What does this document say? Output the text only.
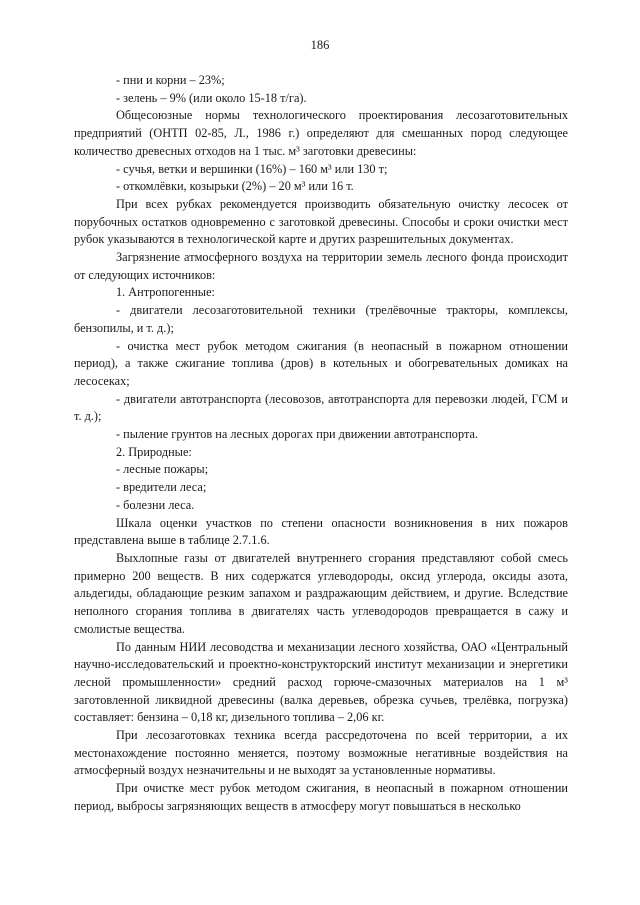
186

- пни и корни – 23%;

- зелень – 9% (или около 15-18 т/га).

Общесоюзные нормы технологического проектирования лесозаготовительных предприятий (ОНТП 02-85, Л., 1986 г.) определяют для смешанных пород следующее количество древесных отходов на 1 тыс. м³ заготовки древесины:

- сучья, ветки и вершинки (16%) – 160 м³ или 130 т;

- откомлёвки, козырьки (2%) – 20 м³ или 16 т.

При всех рубках рекомендуется производить обязательную очистку лесосек от порубочных остатков одновременно с заготовкой древесины. Способы и сроки очистки мест рубок указываются в технологической карте и других разрешительных документах.

Загрязнение атмосферного воздуха на территории земель лесного фонда происходит от следующих источников:

1. Антропогенные:

- двигатели лесозаготовительной техники (трелёвочные тракторы, комплексы, бензопилы, и т. д.);

- очистка мест рубок методом сжигания (в неопасный в пожарном отношении период), а также сжигание топлива (дров) в котельных и обогревательных домиках на лесосеках;

- двигатели автотранспорта (лесовозов, автотранспорта для перевозки людей, ГСМ и т. д.);

- пыление грунтов на лесных дорогах при движении автотранспорта.

2. Природные:

- лесные пожары;

- вредители леса;

- болезни леса.

Шкала оценки участков по степени опасности возникновения в них пожаров представлена выше в таблице 2.7.1.6.

Выхлопные газы от двигателей внутреннего сгорания представляют собой смесь примерно 200 веществ. В них содержатся углеводороды, оксид углерода, оксиды азота, альдегиды, обладающие резким запахом и раздражающим действием, и другие. Вследствие неполного сгорания топлива в двигателях часть углеводородов превращается в сажу и смолистые вещества.

По данным НИИ лесоводства и механизации лесного хозяйства, ОАО «Центральный научно-исследовательский и проектно-конструкторский институт механизации и энергетики лесной промышленности» средний расход горюче-смазочных материалов на 1 м³ заготовленной ликвидной древесины (валка деревьев, обрезка сучьев, трелёвка, погрузка) составляет: бензина – 0,18 кг, дизельного топлива – 2,06 кг.

При лесозаготовках техника всегда рассредоточена по всей территории, а их местонахождение постоянно меняется, поэтому возможные негативные воздействия на атмосферный воздух незначительны и не выходят за установленные нормативы.

При очистке мест рубок методом сжигания, в неопасный в пожарном отношении период, выбросы загрязняющих веществ в атмосферу могут повышаться в несколько
